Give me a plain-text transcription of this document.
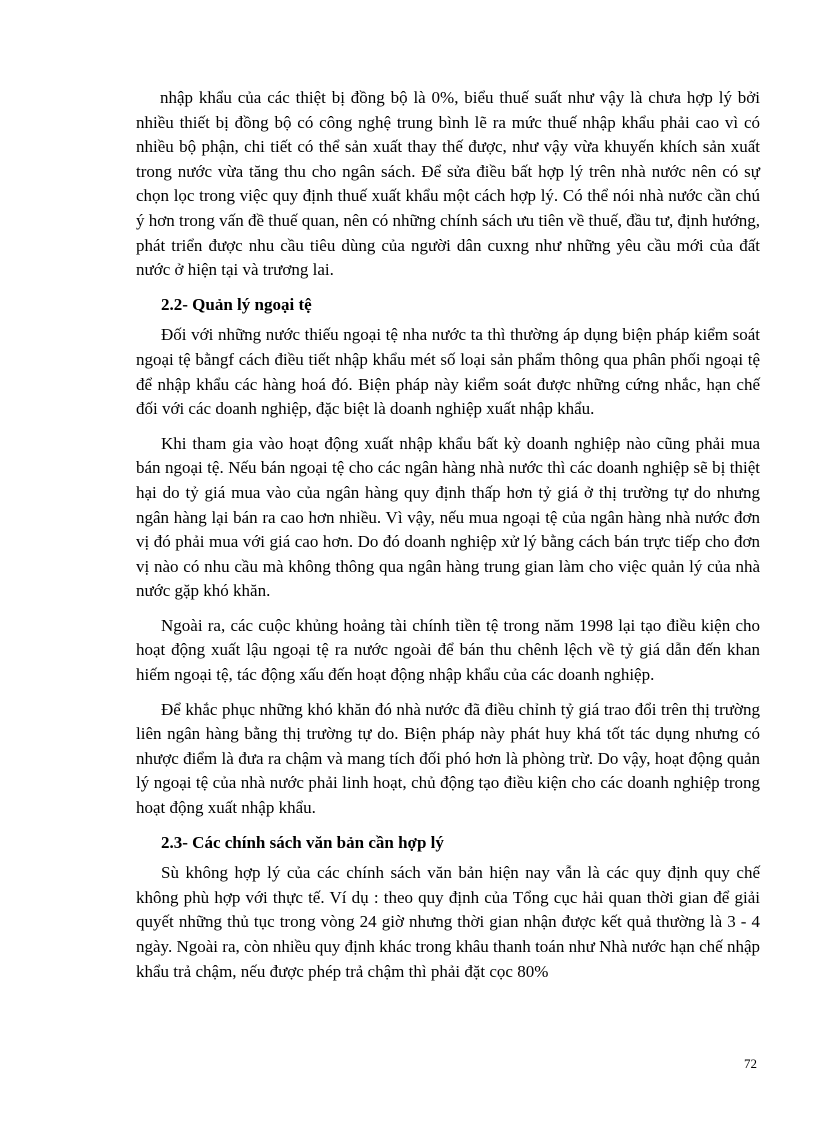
nhập khẩu của các thiệt bị đồng bộ là 0%, biểu thuế suất như vậy là chưa hợp lý bởi nhiều thiết bị đồng bộ có công nghệ trung bình lẽ ra mức thuế nhập khẩu phải cao vì có nhiều bộ phận, chi tiết có thể sản xuất thay thế được, như vậy vừa khuyến khích sản xuất trong nước vừa tăng thu cho ngân sách. Để sửa điều bất hợp lý trên nhà nước nên có sự chọn lọc trong việc quy định thuế xuất khẩu một cách hợp lý. Có thể nói nhà nước cần chú ý hơn trong vấn đề thuế quan, nên có những chính sách ưu tiên về thuế, đầu tư, định hướng, phát triển được nhu cầu tiêu dùng của người dân cuxng như những yêu cầu mới của đất nước ở hiện tại và trương lai.

2.2- Quản lý ngoại tệ

Đối với những nước thiếu ngoại tệ nha nước ta thì thường áp dụng biện pháp kiểm soát ngoại tệ bằngf cách điều tiết nhập khẩu mét số loại sản phẩm thông qua phân phối ngoại tệ để nhập khẩu các hàng hoá đó. Biện pháp này kiểm soát được những cứng nhắc, hạn chế đối với các doanh nghiệp, đặc biệt là doanh nghiệp xuất nhập khẩu.

Khi tham gia vào hoạt động xuất nhập khẩu bất kỳ doanh nghiệp nào cũng phải mua bán ngoại tệ. Nếu bán ngoại tệ cho các ngân hàng nhà nước thì các doanh nghiệp sẽ bị thiệt hại do tỷ giá mua vào của ngân hàng quy định thấp hơn tỷ giá ở thị trường tự do nhưng ngân hàng lại bán ra cao hơn nhiều. Vì vậy, nếu mua ngoại tệ của ngân hàng nhà nước đơn vị đó phải mua với giá cao hơn. Do đó doanh nghiệp xử lý bằng cách bán trực tiếp cho đơn vị nào có nhu cầu mà không thông qua ngân hàng trung gian làm cho việc quản lý của nhà nước gặp khó khăn.

Ngoài ra, các cuộc khủng hoảng tài chính tiền tệ trong năm 1998 lại tạo điều kiện cho hoạt động xuất lậu ngoại tệ ra nước ngoài để bán thu chênh lệch về tỷ giá dẫn đến khan hiếm ngoại tệ, tác động xấu đến hoạt động nhập khẩu của các doanh nghiệp.

Để khắc phục những khó khăn đó nhà nước đã điều chỉnh tỷ giá trao đổi trên thị trường liên ngân hàng bằng thị trường tự do. Biện pháp này phát huy khá tốt tác dụng nhưng có nhược điểm là đưa ra chậm và mang tích đối phó hơn là phòng trừ. Do vậy, hoạt động quản lý ngoại tệ của nhà nước phải linh hoạt, chủ động tạo điều kiện cho các doanh nghiệp trong hoạt động xuất nhập khẩu.

2.3- Các chính sách văn bản cần hợp lý

Sù không hợp lý của các chính sách văn bản hiện nay vẫn là các quy định quy chế không phù hợp với thực tế. Ví dụ : theo quy định của Tổng cục hải quan thời gian để giải quyết những thủ tục trong vòng 24 giờ nhưng thời gian nhận được kết quả thường là 3 - 4 ngày. Ngoài ra, còn nhiều quy định khác trong khâu thanh toán như Nhà nước hạn chế nhập khẩu trả chậm, nếu được phép trả chậm thì phải đặt cọc 80%

72
